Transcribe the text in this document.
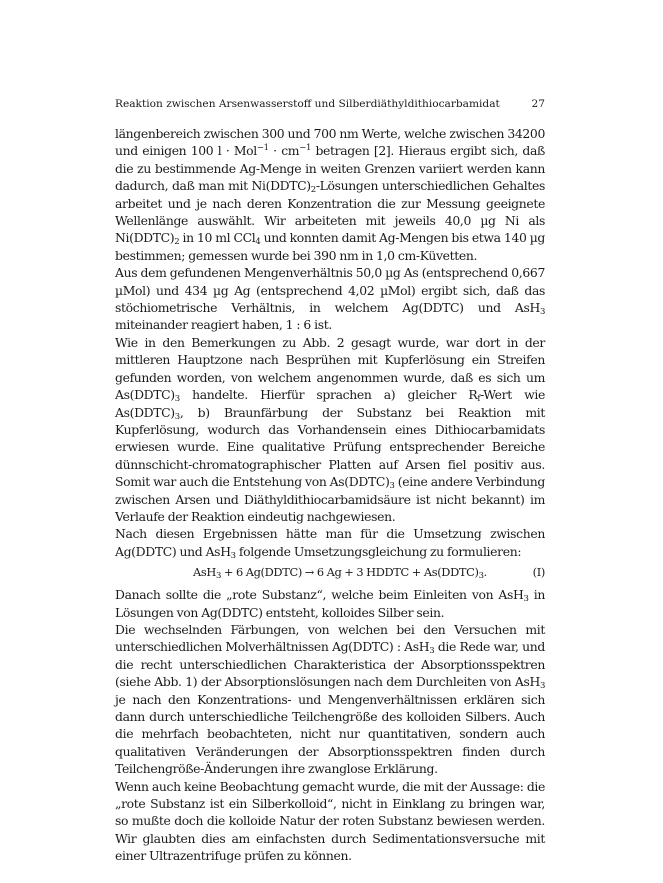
Reaktion zwischen Arsenwasserstoff und Silberdiäthyldithiocarbamidat	27

längenbereich zwischen 300 und 700 nm Werte, welche zwischen 34200 und einigen 100 $l \cdot Mol^{-1} \cdot cm^{-1}$ betragen [2]. Hieraus ergibt sich, daß die zu bestimmende Ag-Menge in weiten Grenzen variiert werden kann dadurch, daß man mit $Ni(DDTC)_2$-Lösungen unterschiedlichen Gehaltes arbeitet und je nach deren Konzentration die zur Messung geeignete Wellenlänge auswählt. Wir arbeiteten mit jeweils 40,0 µg Ni als $Ni(DDTC)_2$ in 10 ml CCl$_4$ und konnten damit Ag-Mengen bis etwa 140 µg bestimmen; gemessen wurde bei 390 nm in 1,0 cm-Küvetten.

Aus dem gefundenen Mengenverhältnis 50,0 µg As (entsprechend 0,667 µMol) und 434 µg Ag (entsprechend 4,02 µMol) ergibt sich, daß das stöchiometrische Verhältnis, in welchem Ag(DDTC) und AsH$_3$ miteinander reagiert haben, 1 : 6 ist.

Wie in den Bemerkungen zu Abb. 2 gesagt wurde, war dort in der mittleren Hauptzone nach Besprühen mit Kupferlösung ein Streifen gefunden worden, von welchem angenommen wurde, daß es sich um $As(DDTC)_3$ handelte. Hierfür sprachen a) gleicher $R_f$-Wert wie $As(DDTC)_3$, b) Braunfärbung der Substanz bei Reaktion mit Kupferlösung, wodurch das Vorhandensein eines Dithiocarbamidats erwiesen wurde. Eine qualitative Prüfung entsprechender Bereiche dünnschicht-chromatographischer Platten auf Arsen fiel positiv aus. Somit war auch die Entstehung von $As(DDTC)_3$ (eine andere Verbindung zwischen Arsen und Diäthyldithiocarbamidsäure ist nicht bekannt) im Verlaufe der Reaktion eindeutig nachgewiesen.

Nach diesen Ergebnissen hätte man für die Umsetzung zwischen Ag(DDTC) und AsH$_3$ folgende Umsetzungsgleichung zu formulieren:

AsH$_3$ + 6 Ag(DDTC) → 6 Ag + 3 HDDTC + $As(DDTC)_3$.	(I)

Danach sollte die „rote Substanz“, welche beim Einleiten von AsH$_3$ in Lösungen von Ag(DDTC) entsteht, kolloides Silber sein.

Die wechselnden Färbungen, von welchen bei den Versuchen mit unterschiedlichen Molverhältnissen Ag(DDTC) : AsH$_3$ die Rede war, und die recht unterschiedlichen Charakteristica der Absorptionsspektren (siehe Abb. 1) der Absorptionslösungen nach dem Durchleiten von AsH$_3$ je nach den Konzentrations- und Mengenverhältnissen erklären sich dann durch unterschiedliche Teilchengröße des kolloiden Silbers. Auch die mehrfach beobachteten, nicht nur quantitativen, sondern auch qualitativen Veränderungen der Absorptionsspektren finden durch Teilchengröße-Änderungen ihre zwanglose Erklärung.

Wenn auch keine Beobachtung gemacht wurde, die mit der Aussage: die „rote Substanz ist ein Silberkolloid“, nicht in Einklang zu bringen war, so mußte doch die kolloide Natur der roten Substanz bewiesen werden. Wir glaubten dies am einfachsten durch Sedimentationsversuche mit einer Ultrazentrifuge prüfen zu können.
